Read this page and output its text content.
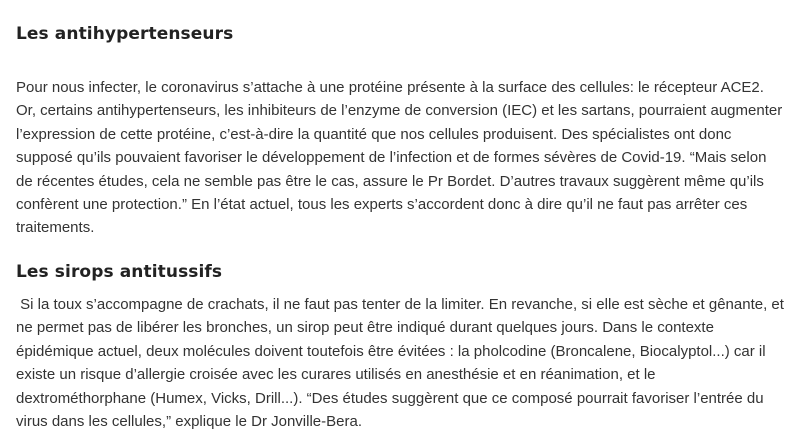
Les antihypertenseurs

Pour nous infecter, le coronavirus s’attache à une protéine présente à la surface des cellules: le récepteur ACE2. Or, certains antihypertenseurs, les inhibiteurs de l’enzyme de conversion (IEC) et les sartans, pourraient augmenter l’expression de cette protéine, c’est-à-dire la quantité que nos cellules produisent. Des spécialistes ont donc supposé qu’ils pouvaient favoriser le développement de l’infection et de formes sévères de Covid-19. “Mais selon de récentes études, cela ne semble pas être le cas, assure le Pr Bordet. D’autres travaux suggèrent même qu’ils confèrent une protection.” En l’état actuel, tous les experts s’accordent donc à dire qu’il ne faut pas arrêter ces traitements.

Les sirops antitussifs

Si la toux s’accompagne de crachats, il ne faut pas tenter de la limiter. En revanche, si elle est sèche et gênante, et ne permet pas de libérer les bronches, un sirop peut être indiqué durant quelques jours. Dans le contexte épidémique actuel, deux molécules doivent toutefois être évitées : la pholcodine (Broncalene, Biocalyptol...) car il existe un risque d’allergie croisée avec les curares utilisés en anesthésie et en réanimation, et le dextrométhorphane (Humex, Vicks, Drill...). “Des études suggèrent que ce composé pourrait favoriser l’entrée du virus dans les cellules,” explique le Dr Jonville-Bera.
